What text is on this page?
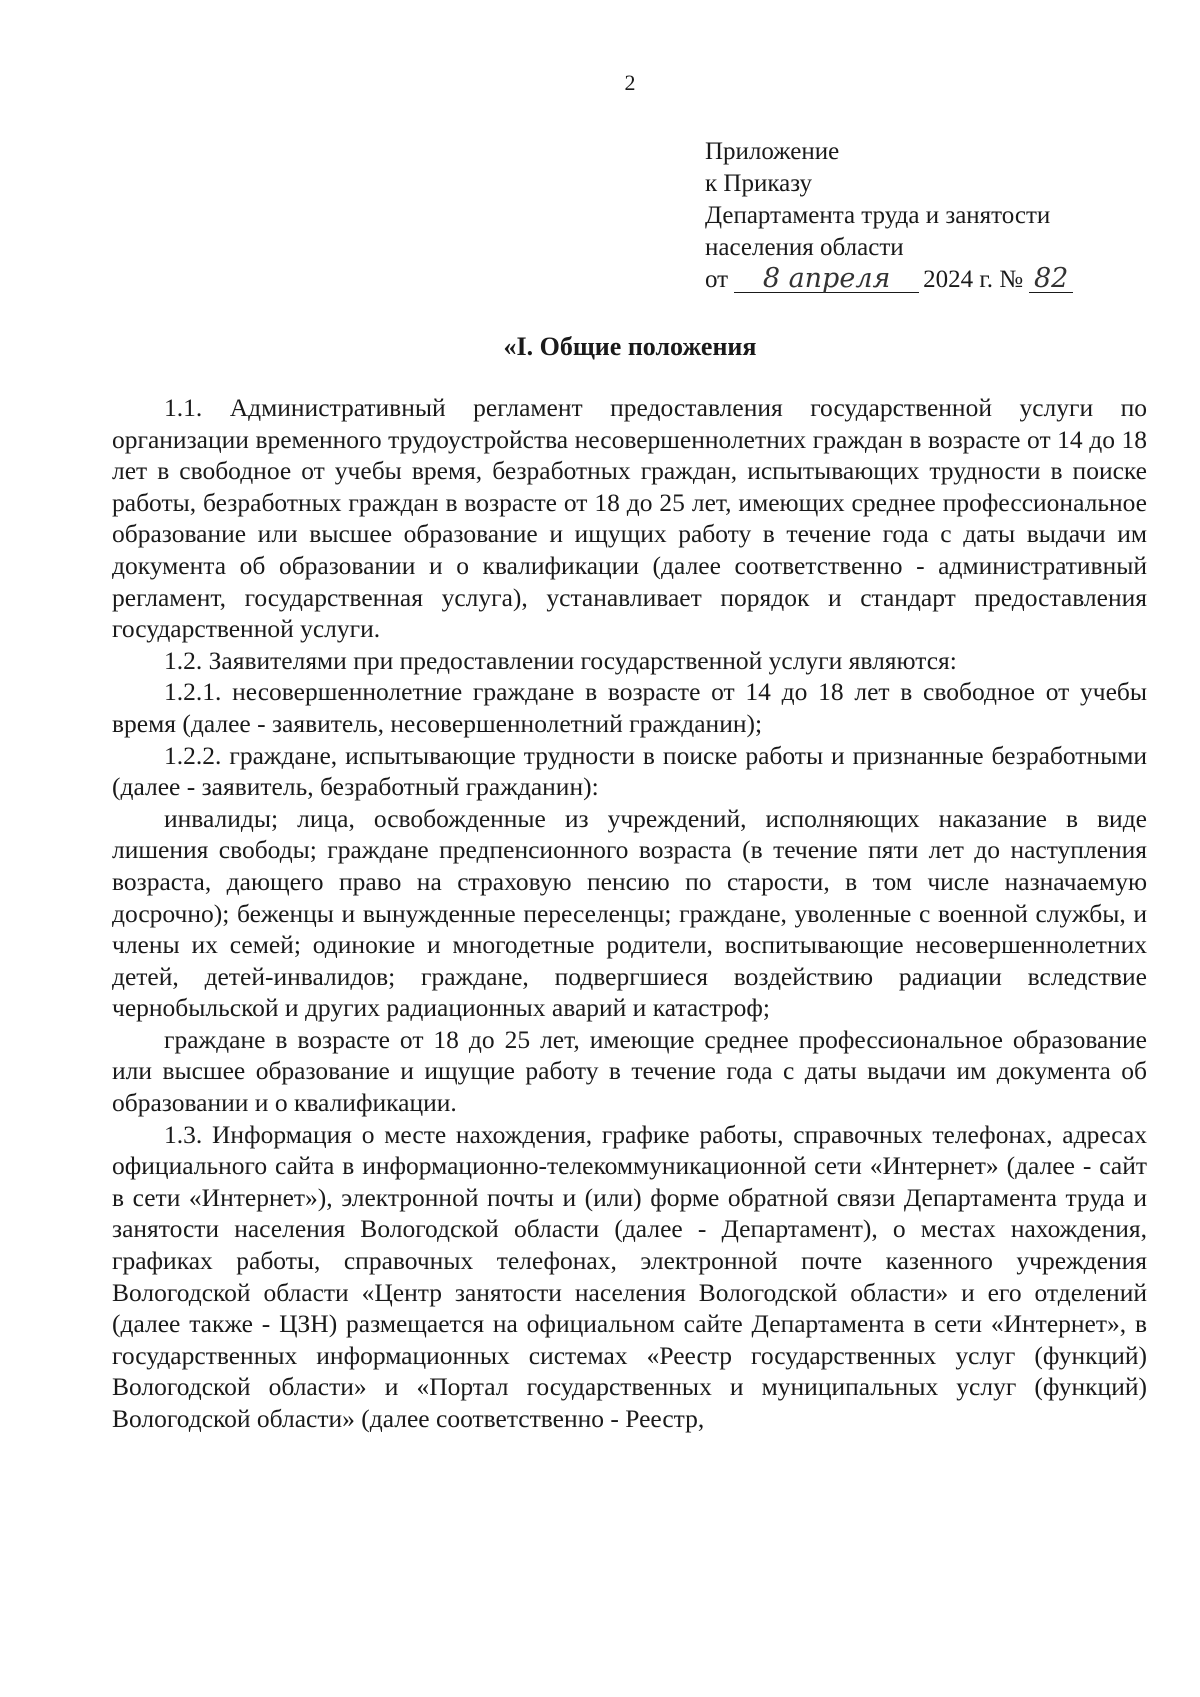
2
Приложение
к Приказу
Департамента труда и занятости
населения области
от 8 апреля 2024 г. № 82
«I. Общие положения

1.1. Административный регламент предоставления государственной услуги по организации временного трудоустройства несовершеннолетних граждан в возрасте от 14 до 18 лет в свободное от учебы время, безработных граждан, испытывающих трудности в поиске работы, безработных граждан в возрасте от 18 до 25 лет, имеющих среднее профессиональное образование или высшее образование и ищущих работу в течение года с даты выдачи им документа об образовании и о квалификации (далее соответственно - административный регламент, государственная услуга), устанавливает порядок и стандарт предоставления государственной услуги.

1.2. Заявителями при предоставлении государственной услуги являются:

1.2.1. несовершеннолетние граждане в возрасте от 14 до 18 лет в свободное от учебы время (далее - заявитель, несовершеннолетний гражданин);

1.2.2. граждане, испытывающие трудности в поиске работы и признанные безработными (далее - заявитель, безработный гражданин):

инвалиды; лица, освобожденные из учреждений, исполняющих наказание в виде лишения свободы; граждане предпенсионного возраста (в течение пяти лет до наступления возраста, дающего право на страховую пенсию по старости, в том числе назначаемую досрочно); беженцы и вынужденные переселенцы; граждане, уволенные с военной службы, и члены их семей; одинокие и многодетные родители, воспитывающие несовершеннолетних детей, детей-инвалидов; граждане, подвергшиеся воздействию радиации вследствие чернобыльской и других радиационных аварий и катастроф;

граждане в возрасте от 18 до 25 лет, имеющие среднее профессиональное образование или высшее образование и ищущие работу в течение года с даты выдачи им документа об образовании и о квалификации.

1.3. Информация о месте нахождения, графике работы, справочных телефонах, адресах официального сайта в информационно-телекоммуникационной сети «Интернет» (далее - сайт в сети «Интернет»), электронной почты и (или) форме обратной связи Департамента труда и занятости населения Вологодской области (далее - Департамент), о местах нахождения, графиках работы, справочных телефонах, электронной почте казенного учреждения Вологодской области «Центр занятости населения Вологодской области» и его отделений (далее также - ЦЗН) размещается на официальном сайте Департамента в сети «Интернет», в государственных информационных системах «Реестр государственных услуг (функций) Вологодской области» и «Портал государственных и муниципальных услуг (функций) Вологодской области» (далее соответственно - Реестр,
